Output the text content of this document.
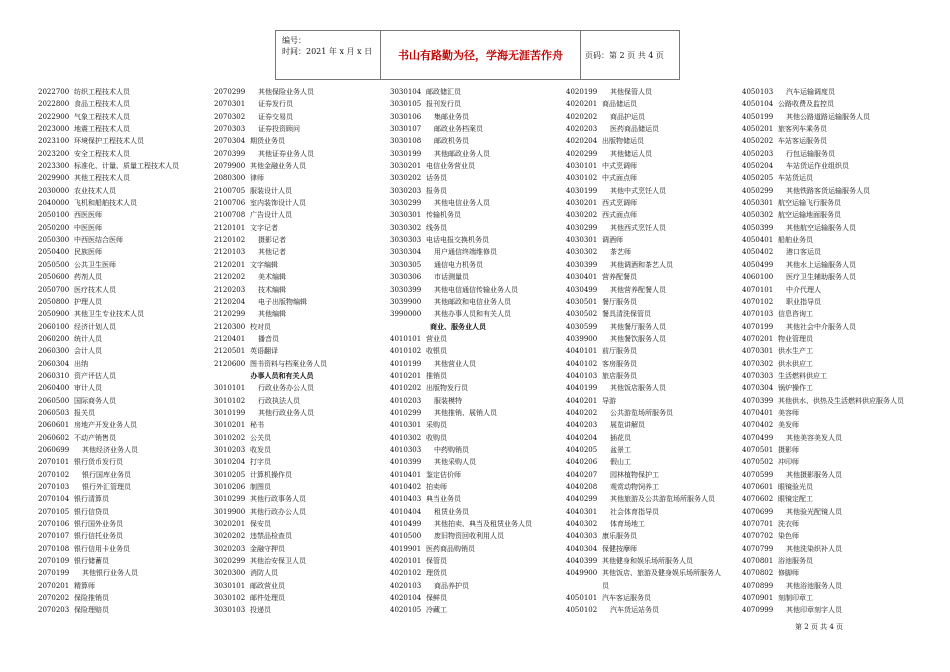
编号：
时间：2021 年 x 月 x 日	书山有路勤为径，学海无涯苦作舟	页码：第 2 页 共 4 页
2022700 纺织工程技术人员
2022800 食品工程技术人员
2022900 气象工程技术人员
2023000 地震工程技术人员
2023100 环境保护工程技术人员
2023200 安全工程技术人员
2023300 标准化、计量、质量工程技术人员
2029900 其他工程技术人员
2030000 农业技术人员
2040000 飞机和船舶技术人员
2050100 西医医师
2050200 中医医师
2050300 中西医结合医师
2050400 民族医师
2050500 公共卫生医师
2050600 药剂人员
2050700 医疗技术人员
2050800 护理人员
2050900 其他卫生专业技术人员
2060100 经济计划人员
2060200 统计人员
2060300 会计人员
2060304 出纳
2060310 资产评估人员
2060400 审计人员
2060500 国际商务人员
2060503 报关员
2060601 房地产开发业务人员
2060602 不动产销售员
2060699 其他经济业务人员
2070101 银行货币发行员
2070102 银行国库业务员
2070103 银行外汇管理员
2070104 银行清算员
2070105 银行信贷员
2070106 银行国外业务员
2070107 银行信托业务员
2070108 银行信用卡业务员
2070109 银行储蓄员
2070199 其他银行业务人员
2070201 精算师
2070202 保险推销员
2070203 保险理赔员
2070299 其他保险业务人员
2070301 证券发行员
2070302 证券交易员
2070303 证券投资顾问
2070304 期货业务员
2070399 其他证券业务人员
2079900 其他金融业务人员
2080300 律师
2100705 服装设计人员
2100706 室内装饰设计人员
2100708 广告设计人员
2120101 文字记者
2120102 摄影记者
2120103 其他记者
2120201 文字编辑
2120202 美术编辑
2120203 技术编辑
2120204 电子出版物编辑
2120299 其他编辑
2120300 校对员
2120401 播音员
2120501 英语翻译
2120600 图书资料与档案业务人员
办事人员和有关人员
3010101 行政业务办公人员
3010102 行政执法人员
3010199 其他行政业务人员
3010201 秘书
3010202 公关员
3010203 收发员
3010204 打字员
3010205 计算机操作员
3010206 制图员
3010299 其他行政事务人员
3019900 其他行政办公人员
3020201 保安员
3020202 违禁品检查员
3020203 金融守押员
3020299 其他治安保卫人员
3020300 消防人员
3030101 邮政营业员
3030102 邮件处理员
3030103 投递员
3030104 邮政储汇员
3030105 报刊发行员
3030106 集邮业务员
3030107 邮政业务档案员
3030108 邮政机务员
3030199 其他邮政业务人员
3030201 电信业务营业员
3030202 话务员
3030203 报务员
3030299 其他电信业务人员
3030301 传输机务员
3030302 线务员
3030303 电话电报交换机务员
3030304 用户通信终端维修员
3030305 通信电力机务员
3030306 市话测量员
3030399 其他电信通信传输业务人员
3039900 其他邮政和电信业务人员
3990000 其他办事人员和有关人员
商业、服务业人员
4010101 营业员
4010102 收银员
4010199 其他营业人员
4010201 推销员
4010202 出版物发行员
4010203 服装模特
4010299 其他推销、展销人员
4010301 采购员
4010302 收购员
4010303 中药购销员
4010399 其他采购人员
4010401 鉴定估价师
4010402 拍卖师
4010403 典当业务员
4010404 租赁业务员
4010499 其他拍卖、典当及租赁业务人员
4010500 废旧物资回收利用人员
4019901 医药商品购销员
4020101 保管员
4020102 理货员
4020103 商品养护员
4020104 保鲜员
4020105 冷藏工
4020199 其他保管人员
4020201 商品储运员
4020202 商品护运员
4020203 医药商品储运员
4020204 出版物储运员
4020299 其他储运人员
4030101 中式烹调师
4030102 中式面点师
4030199 其他中式烹饪人员
4030201 西式烹调师
4030202 西式面点师
4030299 其他西式烹饪人员
4030301 调酒师
4030302 茶艺师
4030399 其他调酒和茶艺人员
4030401 营养配餐员
4030499 其他营养配餐人员
4030501 餐厅服务员
4030502 餐具清洗保管员
4030599 其他餐厅服务人员
4039900 其他餐饮服务人员
4040101 前厅服务员
4040102 客房服务员
4040103 旅店服务员
4040199 其他饭店服务人员
4040201 导游
4040202 公共游览场所服务员
4040203 展览讲解员
4040204 插花员
4040205 盆景工
4040206 假山工
4040207 园林植物保护工
4040208 观赏动物饲养工
4040299 其他旅游及公共游览场所服务人员
4040301 社会体育指导员
4040302 体育场地工
4040303 康乐服务员
4040304 保健按摩师
4040399 其他健身和娱乐场所服务人员
4049900 其他饭店、旅游及健身娱乐场所服务人
员
4050101 汽车客运服务员
4050102 汽车货运站务员
4050103 汽车运输调度员
4050104 公路收费及监控员
4050199 其他公路道路运输服务人员
4050201 旅客列车乘务员
4050202 车站客运服务员
4050203 行包运输服务员
4050204 车站货运作业组织员
4050205 车站货运员
4050299 其他铁路客货运输服务人员
4050301 航空运输飞行服务员
4050302 航空运输地面服务员
4050399 其他航空运输服务人员
4050401 船舶业务员
4050402 港口客运员
4050499 其他水上运输服务人员
4060100 医疗卫生辅助服务人员
4070101 中介代理人
4070102 职业指导员
4070103 信息咨询工
4070199 其他社会中介服务人员
4070201 物业管理员
4070301 供水生产工
4070302 供水供应工
4070303 生活燃料供应工
4070304 锅炉操作工
4070399 其他供水、供热及生活燃料供应服务人员
4070401 美容师
4070402 美发师
4070499 其他美容美发人员
4070501 摄影师
4070502 冲印师
4070599 其他摄影服务人员
4070601 眼镜验光员
4070602 眼镜定配工
4070699 其他验光配镜人员
4070701 洗衣师
4070702 染色师
4070799 其他洗染织补人员
4070801 浴池服务员
4070802 修脚师
4070899 其他浴池服务人员
4070901 刻制印章工
4070999 其他印章刻字人员
第 2 页 共 4 页
